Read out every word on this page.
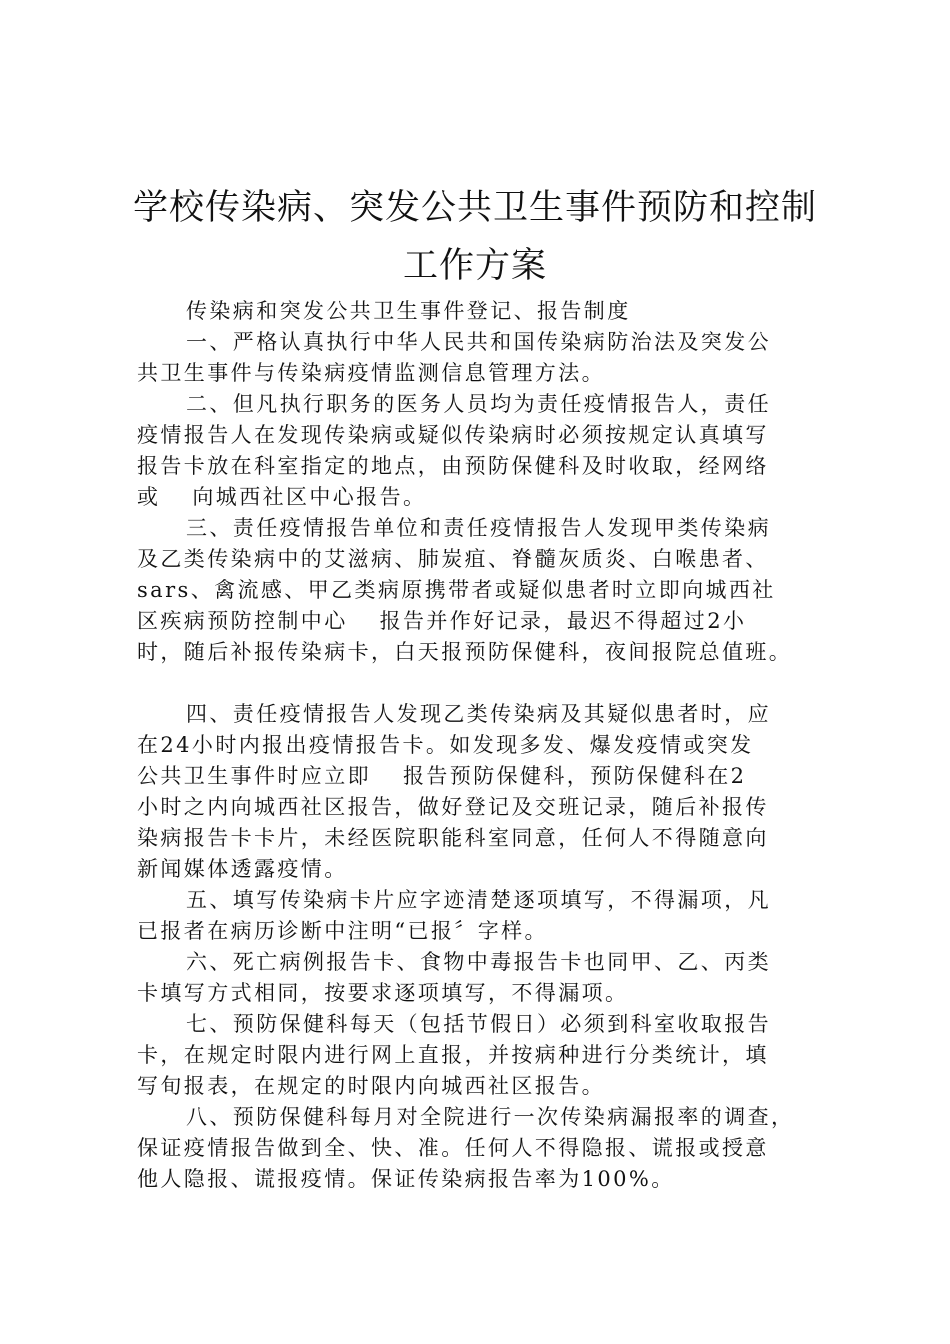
学校传染病、突发公共卫生事件预防和控制
工作方案
传染病和突发公共卫生事件登记、报告制度
一、严格认真执行中华人民共和国传染病防治法及突发公
共卫生事件与传染病疫情监测信息管理方法。
二、但凡执行职务的医务人员均为责任疫情报告人，责任
疫情报告人在发现传染病或疑似传染病时必须按规定认真填写
报告卡放在科室指定的地点，由预防保健科及时收取，经网络
或 向城西社区中心报告。
三、责任疫情报告单位和责任疫情报告人发现甲类传染病
及乙类传染病中的艾滋病、肺炭疽、脊髓灰质炎、白喉患者、
sars、禽流感、甲乙类病原携带者或疑似患者时立即向城西社
区疾病预防控制中心 报告并作好记录，最迟不得超过2小
时，随后补报传染病卡，白天报预防保健科，夜间报院总值班。
四、责任疫情报告人发现乙类传染病及其疑似患者时，应
在24小时内报出疫情报告卡。如发现多发、爆发疫情或突发
公共卫生事件时应立即 报告预防保健科，预防保健科在2
小时之内向城西社区报告，做好登记及交班记录，随后补报传
染病报告卡卡片，未经医院职能科室同意，任何人不得随意向
新闻媒体透露疫情。
五、填写传染病卡片应字迹清楚逐项填写，不得漏项，凡
已报者在病历诊断中注明“已报〞字样。
六、死亡病例报告卡、食物中毒报告卡也同甲、乙、丙类
卡填写方式相同，按要求逐项填写，不得漏项。
七、预防保健科每天（包括节假日）必须到科室收取报告
卡，在规定时限内进行网上直报，并按病种进行分类统计，填
写旬报表，在规定的时限内向城西社区报告。
八、预防保健科每月对全院进行一次传染病漏报率的调查，
保证疫情报告做到全、快、准。任何人不得隐报、谎报或授意
他人隐报、谎报疫情。保证传染病报告率为100%。
